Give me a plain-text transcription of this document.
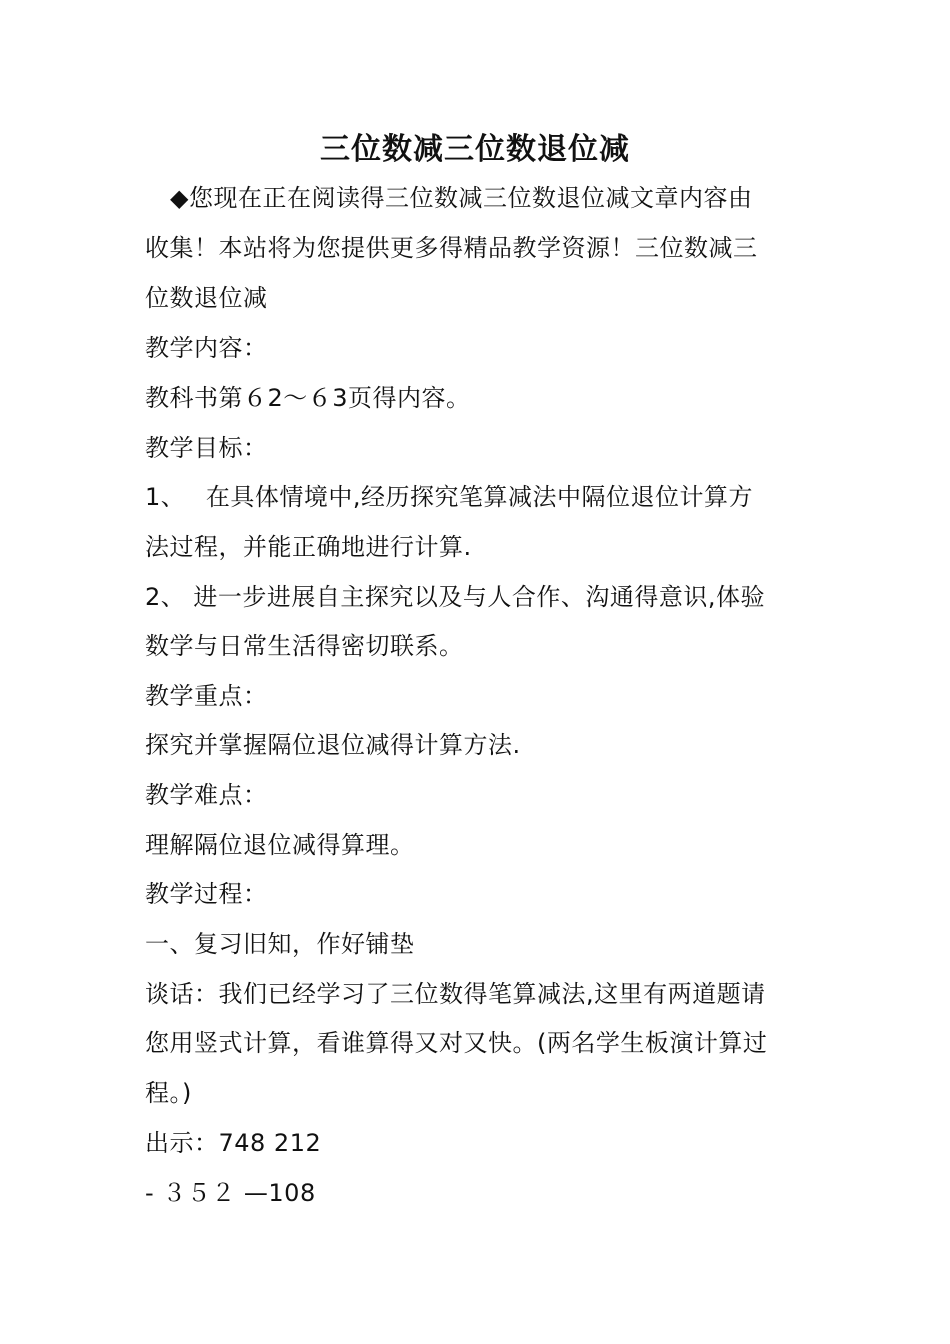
三位数减三位数退位减
◆您现在正在阅读得三位数减三位数退位减文章内容由
收集！本站将为您提供更多得精品教学资源！三位数减三
位数退位减
教学内容：
教科书第６2～６3页得内容。
教学目标：
1、　 在具体情境中,经历探究笔算减法中隔位退位计算方
法过程，并能正确地进行计算.
2、 进一步进展自主探究以及与人合作、沟通得意识,体验
数学与日常生活得密切联系。
教学重点：
探究并掌握隔位退位减得计算方法.
教学难点：
理解隔位退位减得算理。
教学过程：
一、复习旧知，作好铺垫
谈话：我们已经学习了三位数得笔算减法,这里有两道题请
您用竖式计算，看谁算得又对又快。(两名学生板演计算过
程。)
出示：748 212
- ３５２ —108
